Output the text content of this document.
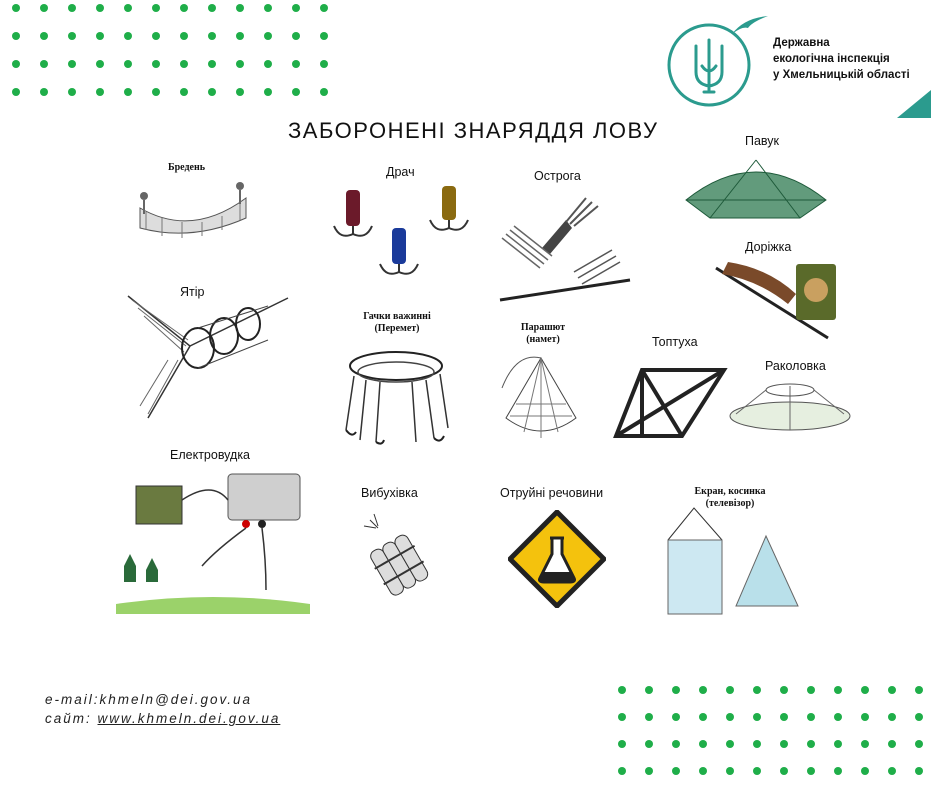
Державна
екологічна інспекція
у Хмельницькій області
ЗАБОРОНЕНІ ЗНАРЯДДЯ ЛОВУ
Бредень	Драч	Острога
Павук
Доріжка
Ятір
Гачки важинні (Перемет)	Парашют (намет)	Топтуха
Раколовка
Електровудка
Вибухівка	Отруйні речовини	Екран, косинка (телевізор)
e-mail:khmeln@dei.gov.ua
сайт: www.khmeln.dei.gov.ua
